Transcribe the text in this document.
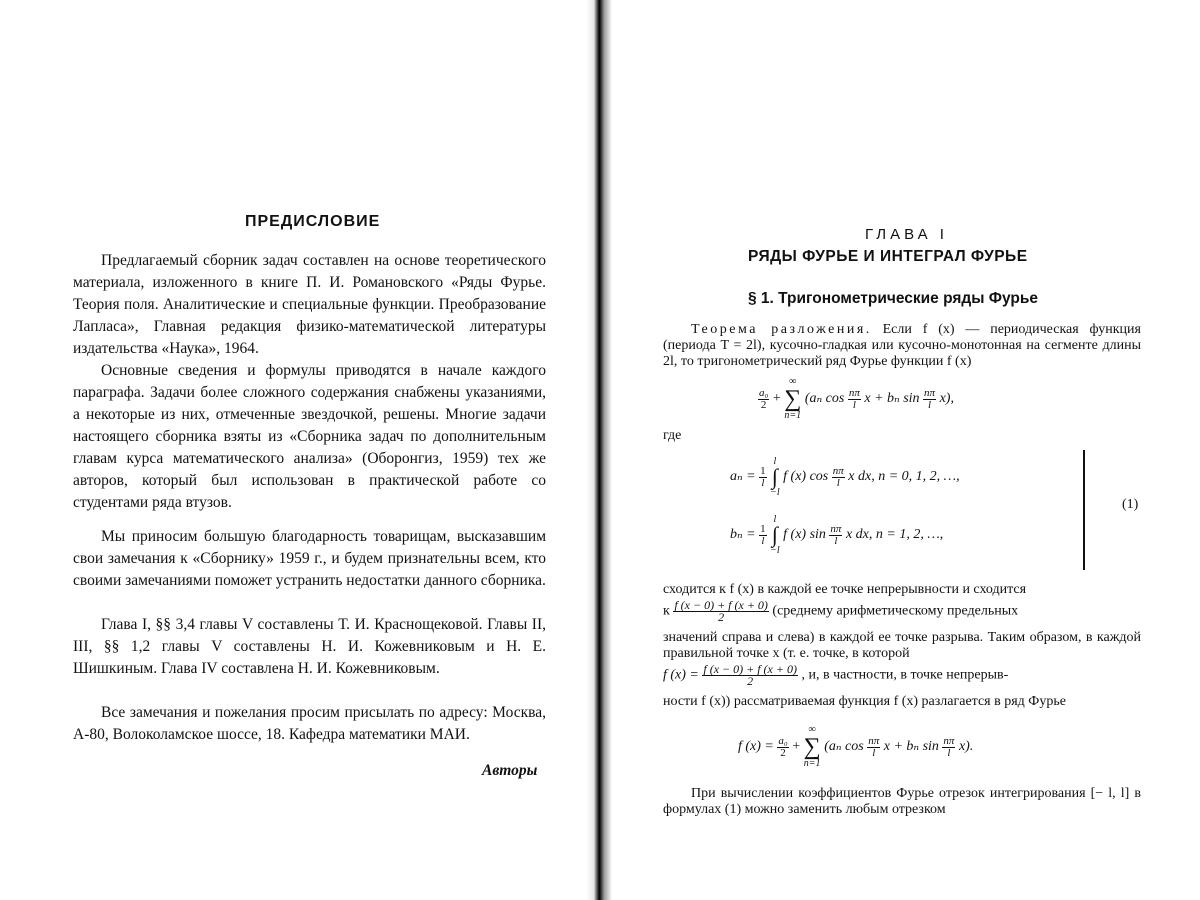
ПРЕДИСЛОВИЕ

Предлагаемый сборник задач составлен на основе теоретического материала, изложенного в книге П. И. Романовского «Ряды Фурье. Теория поля. Аналитические и специальные функции. Преобразование Лапласа», Главная редакция физико-математической литературы издательства «Наука», 1964.

Основные сведения и формулы приводятся в начале каждого параграфа. Задачи более сложного содержания снабжены указаниями, а некоторые из них, отмеченные звездочкой, решены. Многие задачи настоящего сборника взяты из «Сборника задач по дополнительным главам курса математического анализа» (Оборонгиз, 1959) тех же авторов, который был использован в практической работе со студентами ряда втузов.

Мы приносим большую благодарность товарищам, высказавшим свои замечания к «Сборнику» 1959 г., и будем признательны всем, кто своими замечаниями поможет устранить недостатки данного сборника.

Глава I, §§ 3,4 главы V составлены Т. И. Краснощековой. Главы II, III, §§ 1,2 главы V составлены Н. И. Кожевниковым и Н. Е. Шишкиным. Глава IV составлена Н. И. Кожевниковым.

Все замечания и пожелания просим присылать по адресу: Москва, А-80, Волоколамское шоссе, 18. Кафедра математики МАИ.

Авторы
ГЛАВА I
РЯДЫ ФУРЬЕ И ИНТЕГРАЛ ФУРЬЕ
§ 1. Тригонометрические ряды Фурье

Теорема разложения. Если f (x) — периодическая функция (периода T = 2l), кусочно-гладкая или кусочно-монотонная на сегменте длины 2l, то тригонометрический ряд Фурье функции f (x)

$\frac{\text{a₀}}{2}$ +
∞
∑
n=1
(aₙ $\cos \frac{n\pi}{l}$ x + bₙ $\sin \frac{n\pi}{l} x$),
где
$a_n = \frac{1}{l}$

l
∫
−l
f (x) $\cos \frac{n\pi}{l}$ x dx, n = 0, 1, 2, …,
$b_n = \frac{1}{l}$

l
∫
−l
f (x) $\sin \frac{n\pi}{l}$ x dx, n = 1, 2, …,
(1)

сходится к f (x) в каждой ее точке непрерывности и сходится

к $\frac{f (x - 0) + f (x + 0)}{2}$ (среднему арифметическому предельных

значений справа и слева) в каждой ее точке разрыва. Таким образом, в каждой правильной точке x (т. е. точке, в которой

f $(x) = \frac{f (x - 0) + f (x + 0)}{2}$ , и, в частности, в точке непрерыв-

ности f (x)) рассматриваемая функция f (x) разлагается в ряд Фурье

f $(x) = \frac{\text{a₀}}{2}$ +
∞
∑
n=1
(aₙ $\cos \frac{n\pi}{l}$ x + bₙ $\sin \frac{n\pi}{l} x$).

При вычислении коэффициентов Фурье отрезок интегрирования [− l, l] в формулах (1) можно заменить любым отрезком
